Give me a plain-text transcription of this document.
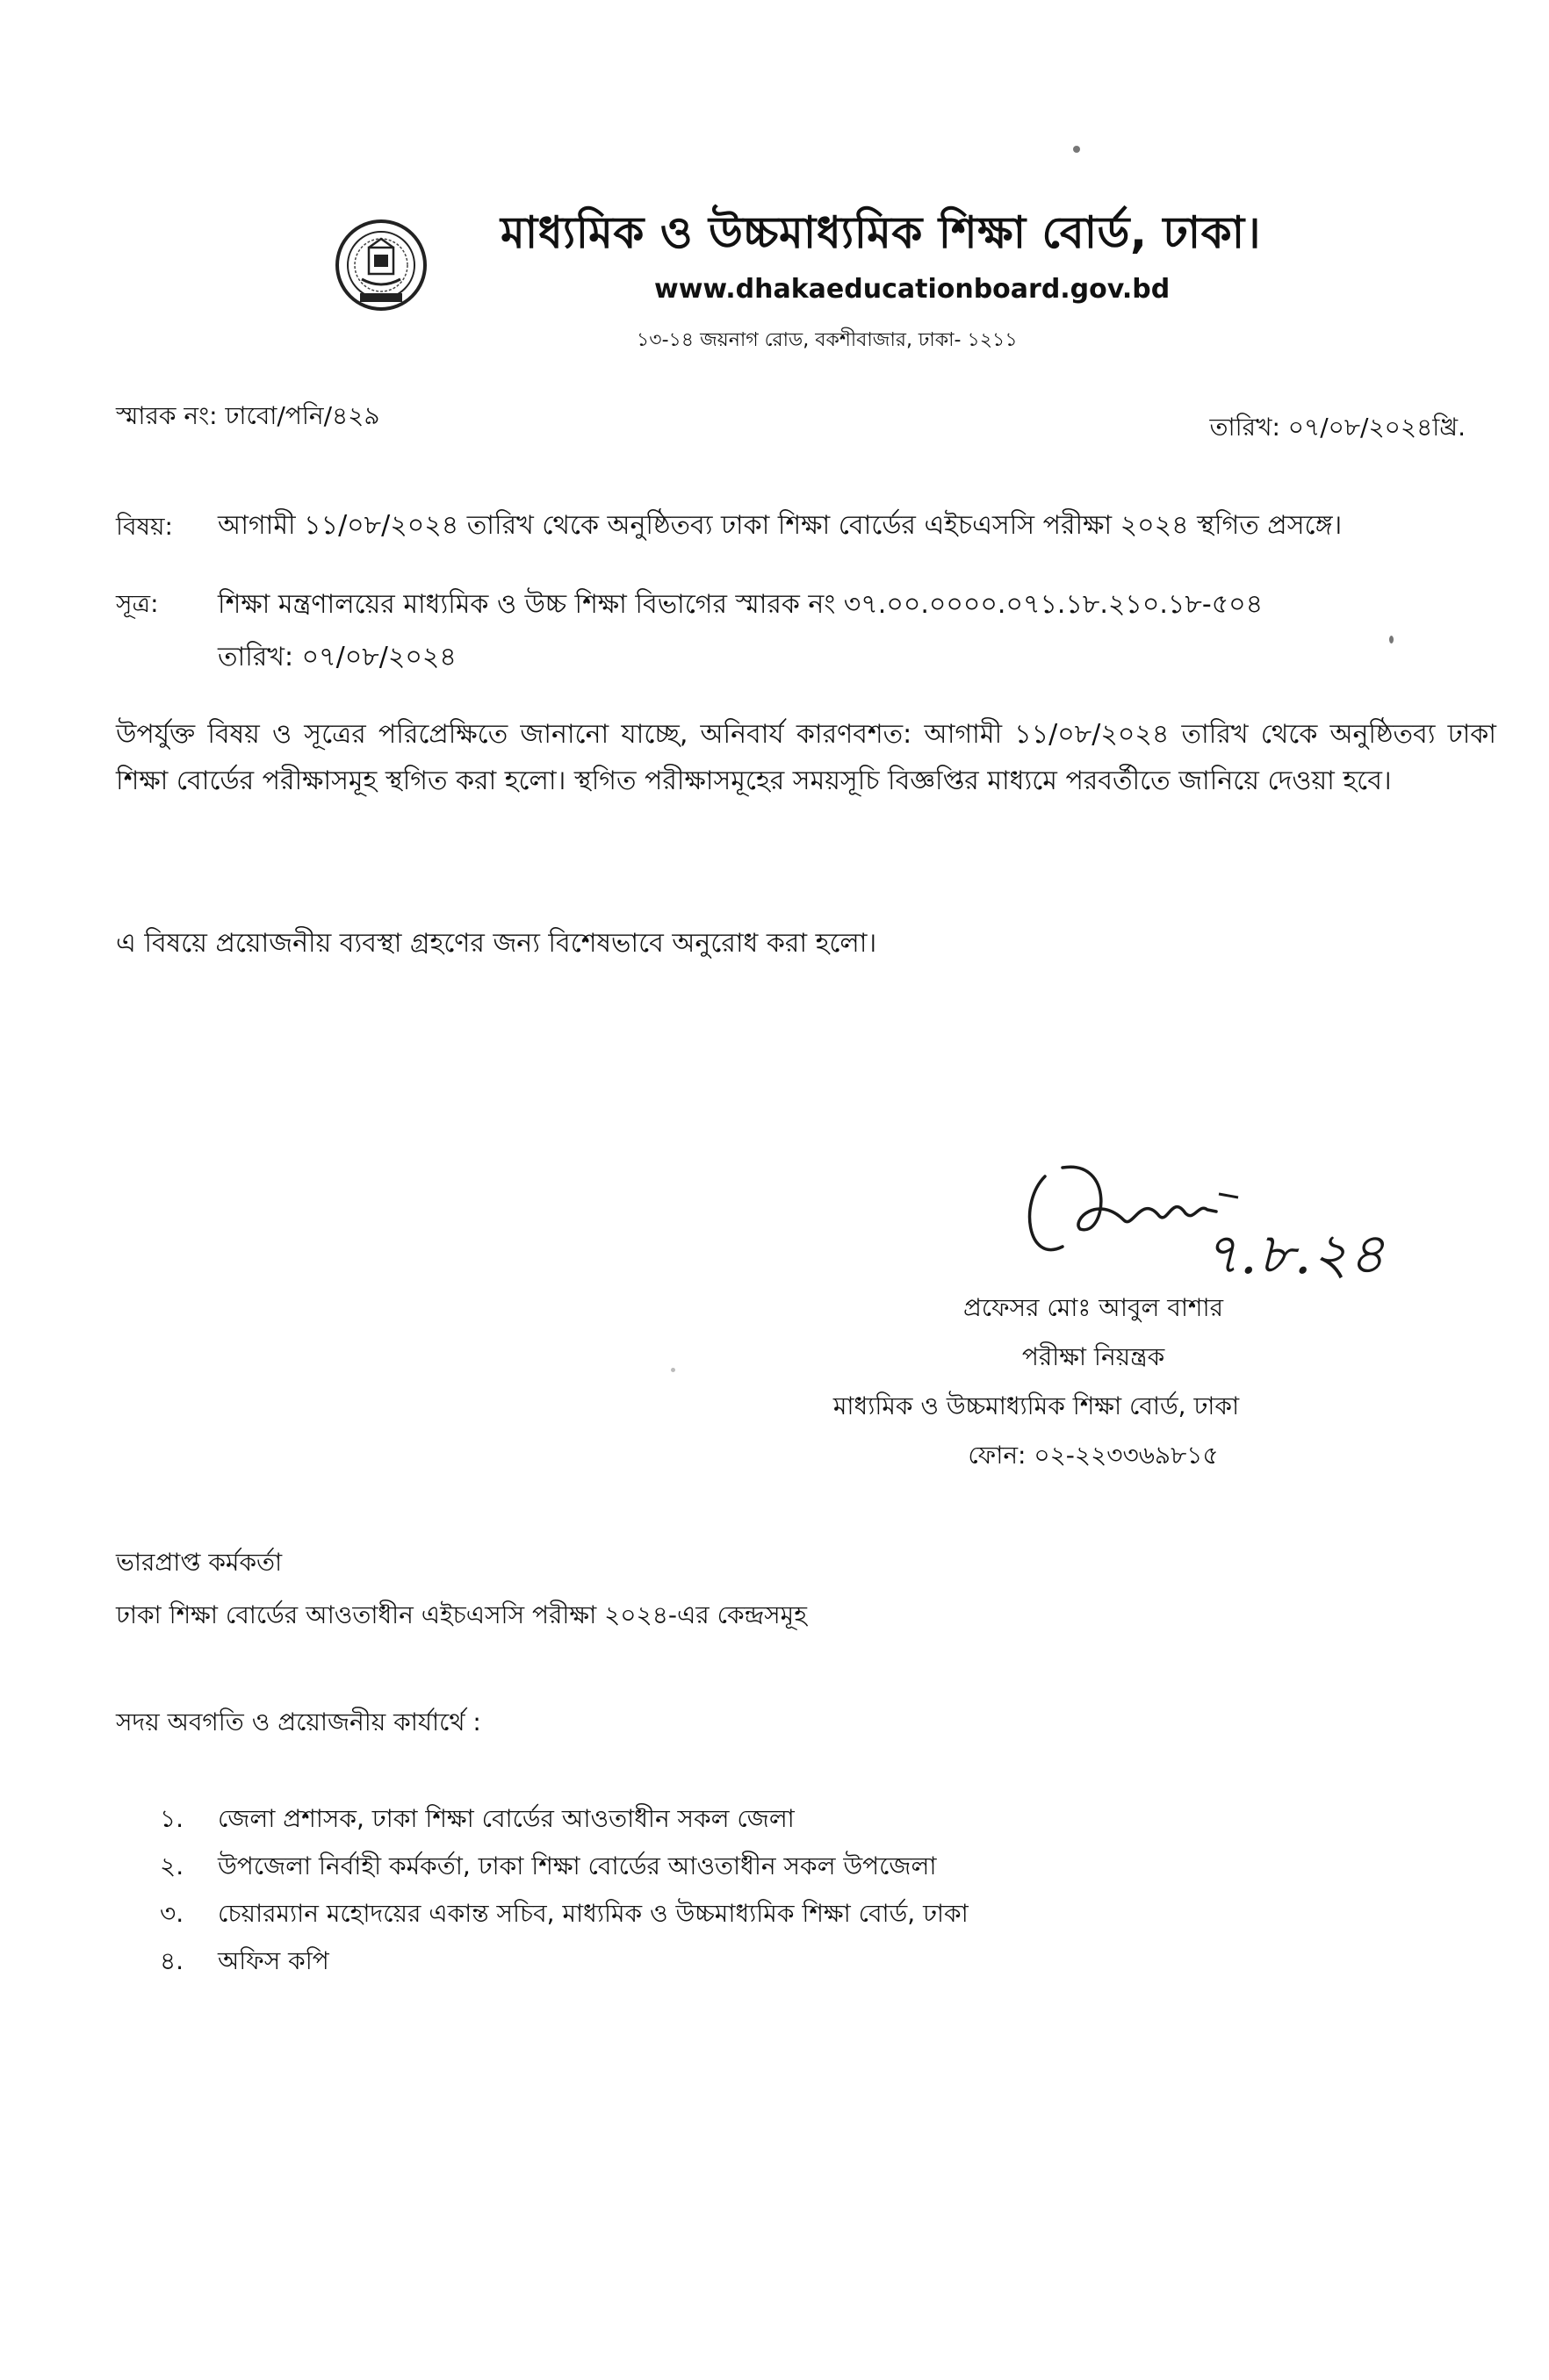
মাধ্যমিক ও উচ্চমাধ্যমিক শিক্ষা বোর্ড, ঢাকা।
www.dhakaeducationboard.gov.bd
১৩-১৪ জয়নাগ রোড, বকশীবাজার, ঢাকা- ১২১১
স্মারক নং: ঢাবো/পনি/৪২৯	তারিখ: ০৭/০৮/২০২৪খ্রি.
বিষয়: আগামী ১১/০৮/২০২৪ তারিখ থেকে অনুষ্ঠিতব্য ঢাকা শিক্ষা বোর্ডের এইচএসসি পরীক্ষা ২০২৪ স্থগিত প্রসঙ্গে।
সূত্র: শিক্ষা মন্ত্রণালয়ের মাধ্যমিক ও উচ্চ শিক্ষা বিভাগের স্মারক নং ৩৭.০০.০০০০.০৭১.১৮.২১০.১৮-৫০৪
তারিখ: ০৭/০৮/২০২৪

উপর্যুক্ত বিষয় ও সূত্রের পরিপ্রেক্ষিতে জানানো যাচ্ছে, অনিবার্য কারণবশত: আগামী ১১/০৮/২০২৪ তারিখ থেকে অনুষ্ঠিতব্য ঢাকা শিক্ষা বোর্ডের পরীক্ষাসমূহ স্থগিত করা হলো। স্থগিত পরীক্ষাসমূহের সময়সূচি বিজ্ঞপ্তির মাধ্যমে পরবর্তীতে জানিয়ে দেওয়া হবে।

এ বিষয়ে প্রয়োজনীয় ব্যবস্থা গ্রহণের জন্য বিশেষভাবে অনুরোধ করা হলো।

৭.৮.২৪
প্রফেসর মোঃ আবুল বাশার
পরীক্ষা নিয়ন্ত্রক
মাধ্যমিক ও উচ্চমাধ্যমিক শিক্ষা বোর্ড, ঢাকা
ফোন: ০২-২২৩৩৬৯৮১৫
ভারপ্রাপ্ত কর্মকর্তা
ঢাকা শিক্ষা বোর্ডের আওতাধীন এইচএসসি পরীক্ষা ২০২৪-এর কেন্দ্রসমূহ
সদয় অবগতি ও প্রয়োজনীয় কার্যার্থে :
১. জেলা প্রশাসক, ঢাকা শিক্ষা বোর্ডের আওতাধীন সকল জেলা
২. উপজেলা নির্বাহী কর্মকর্তা, ঢাকা শিক্ষা বোর্ডের আওতাধীন সকল উপজেলা
৩. চেয়ারম্যান মহোদয়ের একান্ত সচিব, মাধ্যমিক ও উচ্চমাধ্যমিক শিক্ষা বোর্ড, ঢাকা
৪. অফিস কপি
